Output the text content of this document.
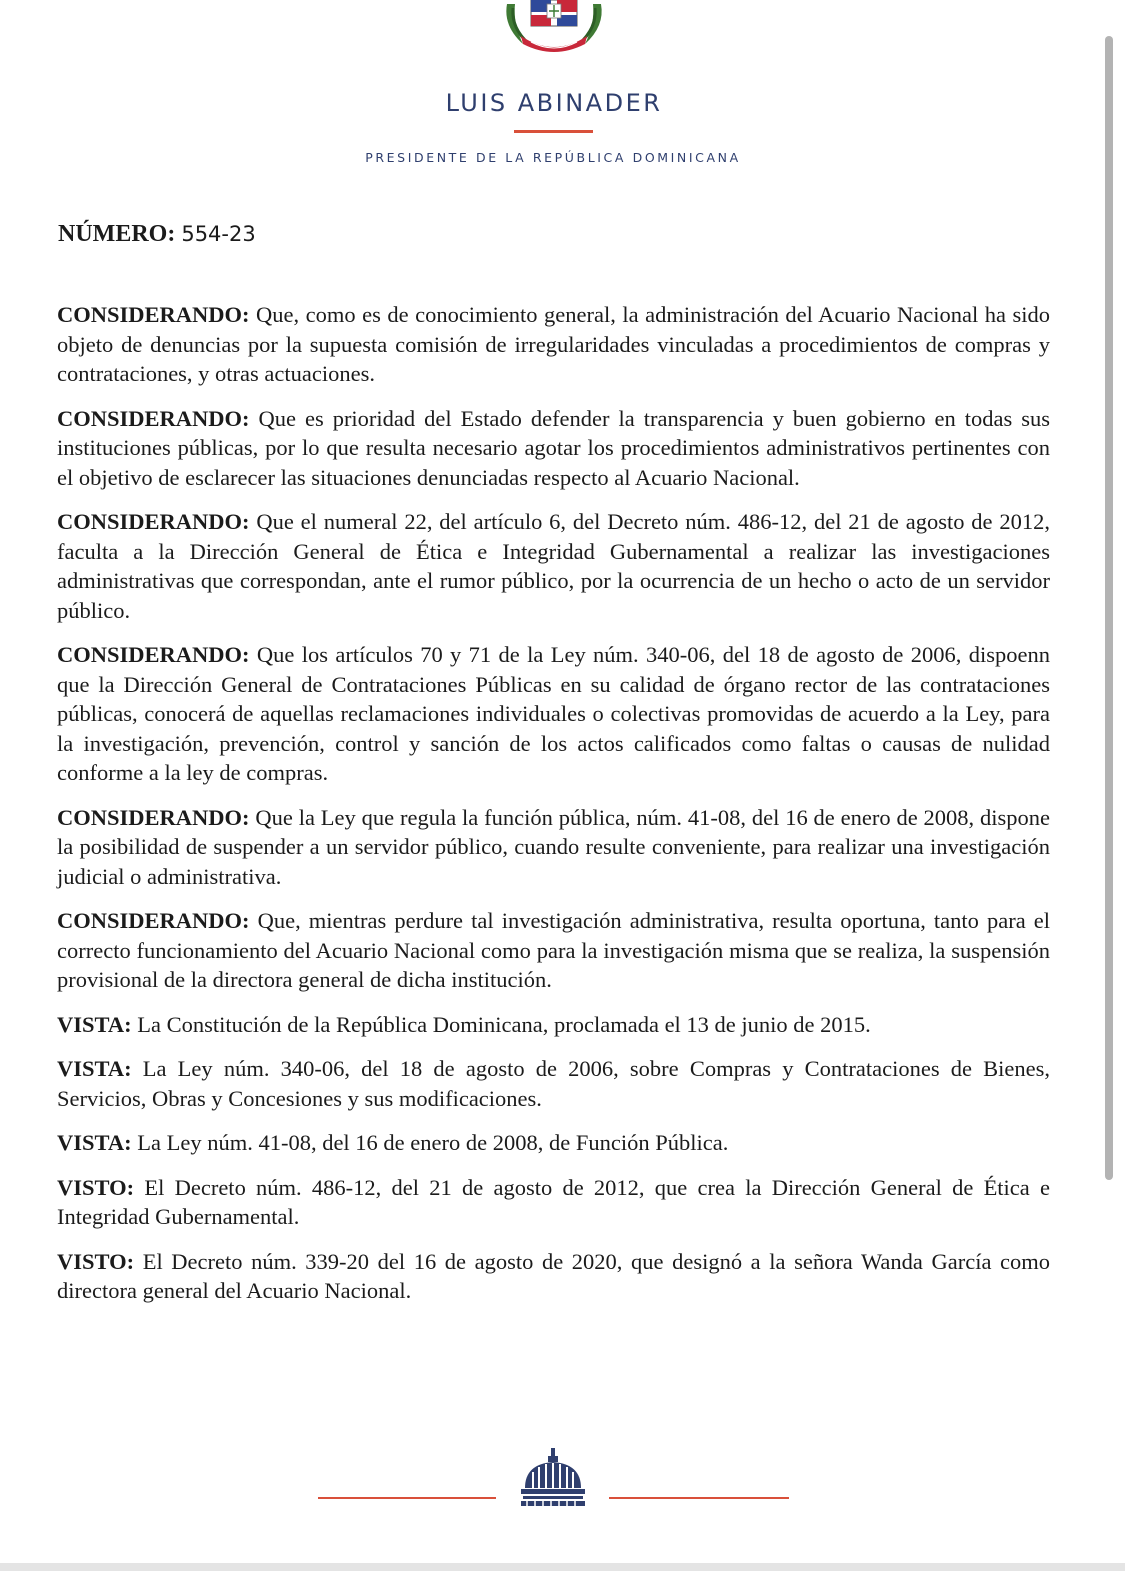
LUIS ABINADER
PRESIDENTE DE LA REPÚBLICA DOMINICANA
NÚMERO: 554-23

CONSIDERANDO: Que, como es de conocimiento general, la administración del Acuario Nacional ha sido objeto de denuncias por la supuesta comisión de irregularidades vinculadas a procedimientos de compras y contrataciones, y otras actuaciones.

CONSIDERANDO: Que es prioridad del Estado defender la transparencia y buen gobierno en todas sus instituciones públicas, por lo que resulta necesario agotar los procedimientos administrativos pertinentes con el objetivo de esclarecer las situaciones denunciadas respecto al Acuario Nacional.

CONSIDERANDO: Que el numeral 22, del artículo 6, del Decreto núm. 486-12, del 21 de agosto de 2012, faculta a la Dirección General de Ética e Integridad Gubernamental a realizar las investigaciones administrativas que correspondan, ante el rumor público, por la ocurrencia de un hecho o acto de un servidor público.

CONSIDERANDO: Que los artículos 70 y 71 de la Ley núm. 340-06, del 18 de agosto de 2006, dispoenn que la Dirección General de Contrataciones Públicas en su calidad de órgano rector de las contrataciones públicas, conocerá de aquellas reclamaciones individuales o colectivas promovidas de acuerdo a la Ley, para la investigación, prevención, control y sanción de los actos calificados como faltas o causas de nulidad conforme a la ley de compras.

CONSIDERANDO: Que la Ley que regula la función pública, núm. 41-08, del 16 de enero de 2008, dispone la posibilidad de suspender a un servidor público, cuando resulte conveniente, para realizar una investigación judicial o administrativa.

CONSIDERANDO: Que, mientras perdure tal investigación administrativa, resulta oportuna, tanto para el correcto funcionamiento del Acuario Nacional como para la investigación misma que se realiza, la suspensión provisional de la directora general de dicha institución.

VISTA: La Constitución de la República Dominicana, proclamada el 13 de junio de 2015.

VISTA: La Ley núm. 340-06, del 18 de agosto de 2006, sobre Compras y Contrataciones de Bienes, Servicios, Obras y Concesiones y sus modificaciones.

VISTA: La Ley núm. 41-08, del 16 de enero de 2008, de Función Pública.

VISTO: El Decreto núm. 486-12, del 21 de agosto de 2012, que crea la Dirección General de Ética e Integridad Gubernamental.

VISTO: El Decreto núm. 339-20 del 16 de agosto de 2020, que designó a la señora Wanda García como directora general del Acuario Nacional.
